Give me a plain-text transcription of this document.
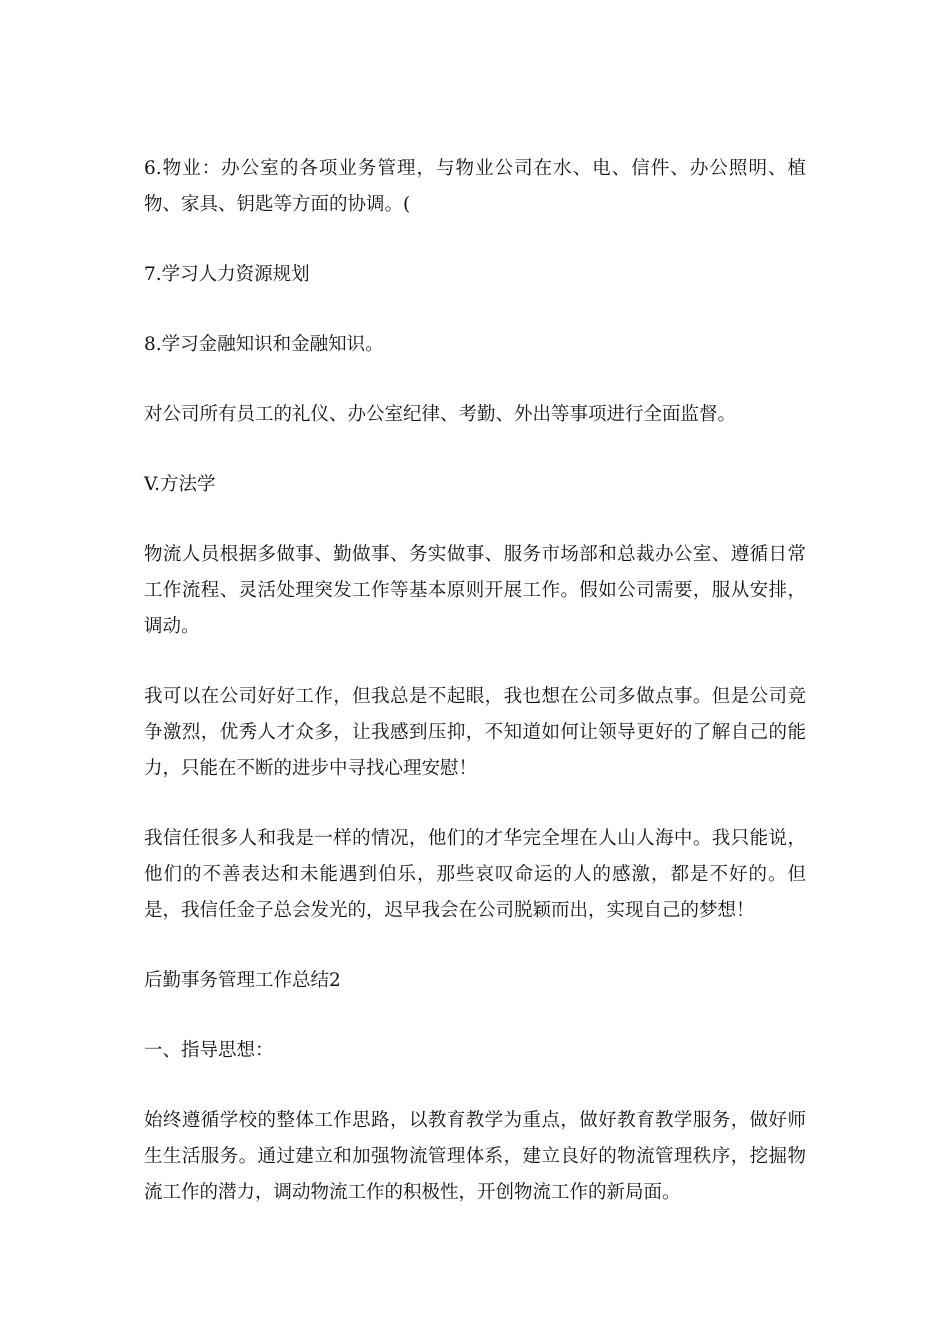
6.物业：办公室的各项业务管理，与物业公司在水、电、信件、办公照明、植物、家具、钥匙等方面的协调。(

7.学习人力资源规划

8.学习金融知识和金融知识。

对公司所有员工的礼仪、办公室纪律、考勤、外出等事项进行全面监督。

V.方法学

物流人员根据多做事、勤做事、务实做事、服务市场部和总裁办公室、遵循日常工作流程、灵活处理突发工作等基本原则开展工作。假如公司需要，服从安排，调动。

我可以在公司好好工作，但我总是不起眼，我也想在公司多做点事。但是公司竞争激烈，优秀人才众多，让我感到压抑，不知道如何让领导更好的了解自己的能力，只能在不断的进步中寻找心理安慰！

我信任很多人和我是一样的情况，他们的才华完全埋在人山人海中。我只能说，他们的不善表达和未能遇到伯乐，那些哀叹命运的人的感激，都是不好的。但是，我信任金子总会发光的，迟早我会在公司脱颖而出，实现自己的梦想！

后勤事务管理工作总结2

一、指导思想：

始终遵循学校的整体工作思路，以教育教学为重点，做好教育教学服务，做好师生生活服务。通过建立和加强物流管理体系，建立良好的物流管理秩序，挖掘物流工作的潜力，调动物流工作的积极性，开创物流工作的新局面。
